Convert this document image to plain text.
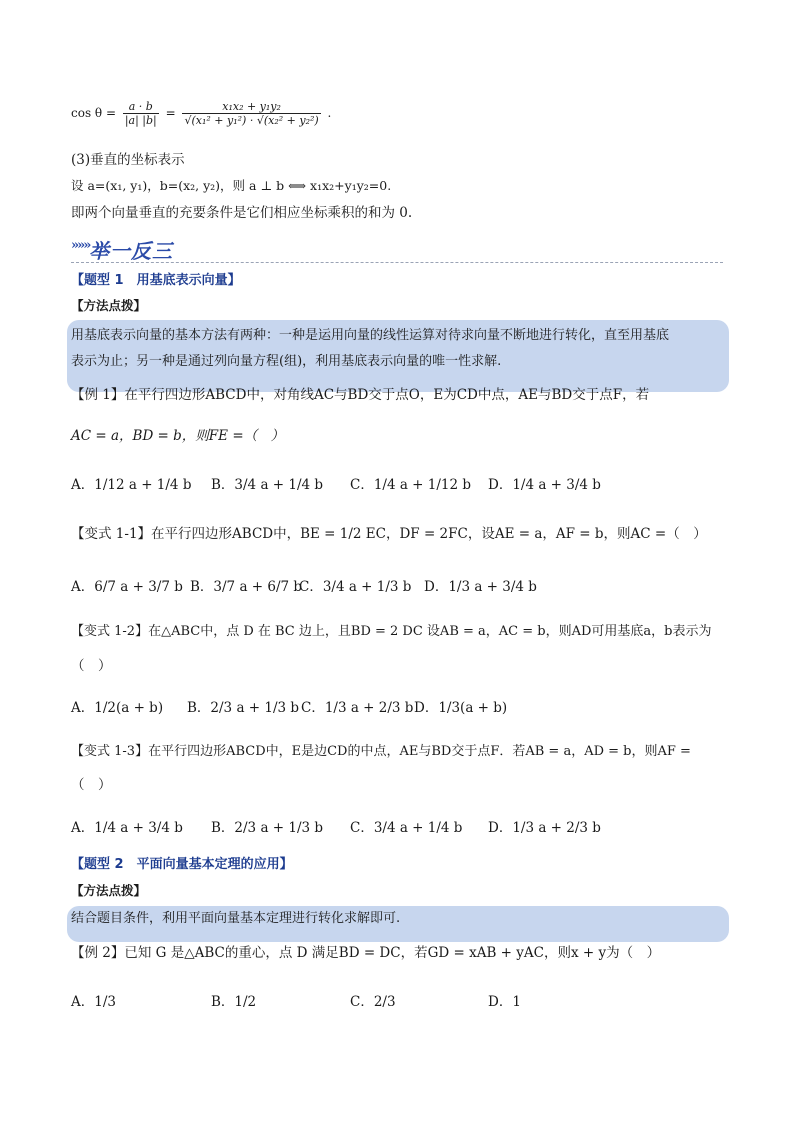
$\cos \theta = \frac{a \cdot b}{|a| |b|} = \frac{\text{x₁x₂ + y₁y₂}}{\text{√(x₁² + y₁²) · √(x₂² + y₂²)}}$ .
(3)垂直的坐标表示
设 a=(x₁, y₁)，b=(x₂, y₂)，则 a ⊥ b ⟺ x₁x₂+y₁y₂=0.
即两个向量垂直的充要条件是它们相应坐标乘积的和为 0.
»»» 举一反三
【题型 1　用基底表示向量】
【方法点拨】
用基底表示向量的基本方法有两种：一种是运用向量的线性运算对待求向量不断地进行转化，直至用基底
表示为止；另一种是通过列向量方程(组)，利用基底表示向量的唯一性求解.
【例 1】在平行四边形ABCD中，对角线AC与BD交于点O，E为CD中点，AE与BD交于点F，若
AC = a，BD = b，则FE =（　）
A．1/12 a + 1/4 b B．3/4 a + 1/4 b C．1/4 a + 1/12 b D．1/4 a + 3/4 b
【变式 1-1】在平行四边形ABCD中，BE = 1/2 EC，DF = 2FC，设AE = a，AF = b，则AC =（　）
A．6/7 a + 3/7 b B．3/7 a + 6/7 b
C．3/4 a + 1/3 b D．1/3 a + 3/4 b
【变式 1-2】在△ABC中，点 D 在 BC 边上，且BD = 2 DC 设AB = a，AC = b，则AD可用基底a，b表示为
（　）
A．1/2(a + b) B．2/3 a + 1/3 b C．1/3 a + 2/3 b D．1/3(a + b)
【变式 1-3】在平行四边形ABCD中，E是边CD的中点，AE与BD交于点F．若AB = a，AD = b，则AF =
（　）
A．1/4 a + 3/4 b B．2/3 a + 1/3 b C．3/4 a + 1/4 b D．1/3 a + 2/3 b
【题型 2　平面向量基本定理的应用】
【方法点拨】
结合题目条件，利用平面向量基本定理进行转化求解即可.
【例 2】已知 G 是△ABC的重心，点 D 满足BD = DC，若GD = xAB + yAC，则x + y为（　）
A．1/3	B．1/2	C．2/3	D．1
